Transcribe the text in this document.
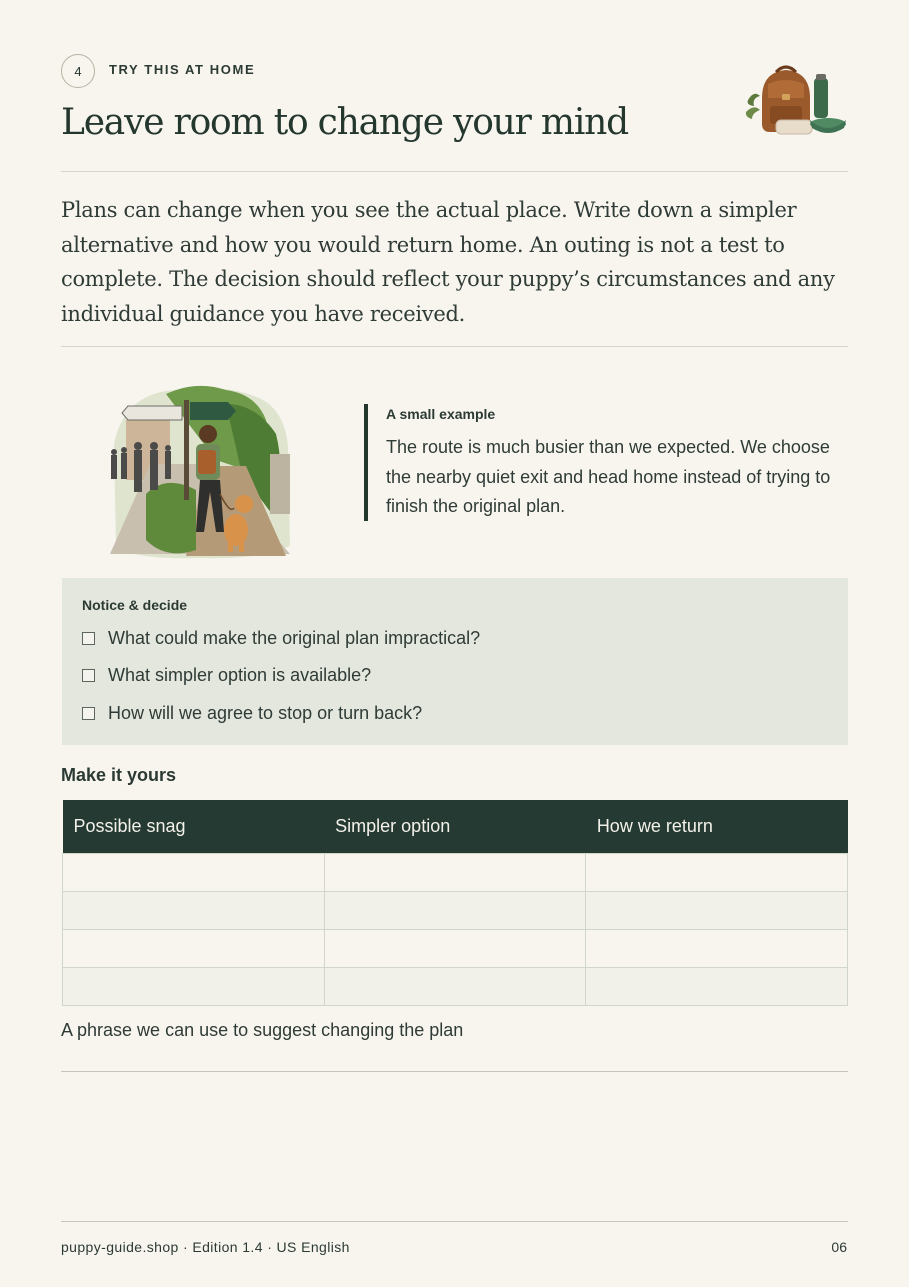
4	TRY THIS AT HOME
Leave room to change your mind

Plans can change when you see the actual place. Write down a simpler alternative and how you would return home. An outing is not a test to complete. The decision should reflect your puppy’s circumstances and any individual guidance you have received.

A small example

The route is much busier than we expected. We choose the nearby quiet exit and head home instead of trying to finish the original plan.

Notice & decide
What could make the original plan impractical?
What simpler option is available?
How will we agree to stop or turn back?
Make it yours
Possible snag	Simpler option	How we return

A phrase we can use to suggest changing the plan
puppy-guide.shop · Edition 1.4 · US English	06
